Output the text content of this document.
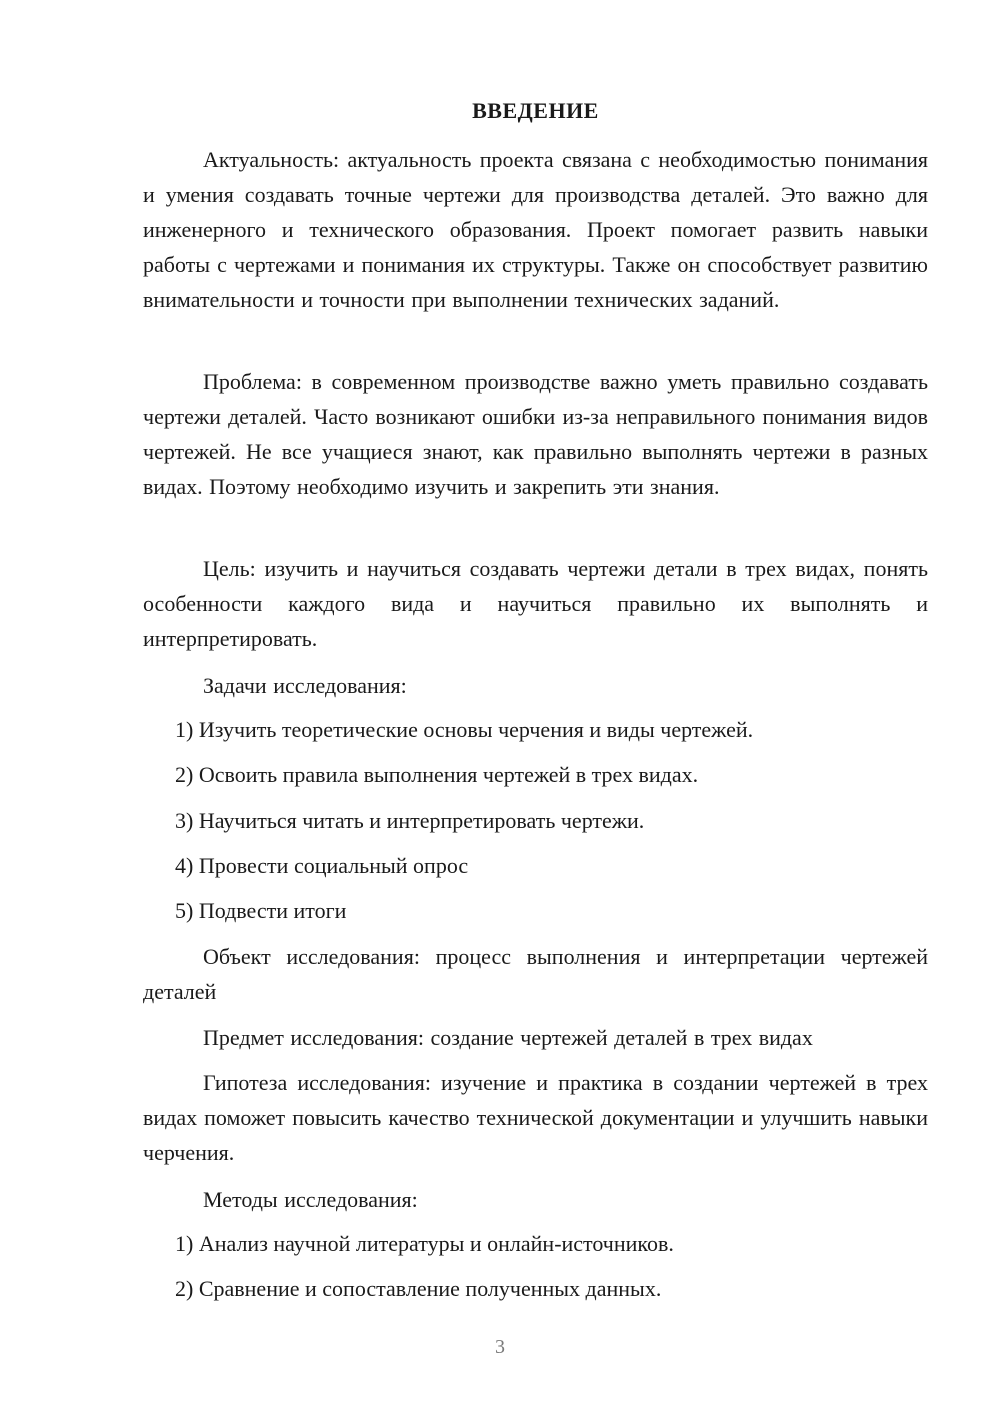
ВВЕДЕНИЕ

Актуальность: актуальность проекта связана с необходимостью понимания и умения создавать точные чертежи для производства деталей. Это важно для инженерного и технического образования. Проект помогает развить навыки работы с чертежами и понимания их структуры. Также он способствует развитию внимательности и точности при выполнении технических заданий.

Проблема: в современном производстве важно уметь правильно создавать чертежи деталей. Часто возникают ошибки из-за неправильного понимания видов чертежей. Не все учащиеся знают, как правильно выполнять чертежи в разных видах. Поэтому необходимо изучить и закрепить эти знания.

Цель: изучить и научиться создавать чертежи детали в трех видах, понять особенности каждого вида и научиться правильно их выполнять и интерпретировать.

Задачи исследования:

1) Изучить теоретические основы черчения и виды чертежей.

2) Освоить правила выполнения чертежей в трех видах.

3) Научиться читать и интерпретировать чертежи.

4) Провести социальный опрос

5) Подвести итоги

Объект исследования: процесс выполнения и интерпретации чертежей деталей

Предмет исследования: создание чертежей деталей в трех видах

Гипотеза исследования: изучение и практика в создании чертежей в трех видах поможет повысить качество технической документации и улучшить навыки черчения.

Методы исследования:

1) Анализ научной литературы и онлайн-источников.

2) Сравнение и сопоставление полученных данных.

3
